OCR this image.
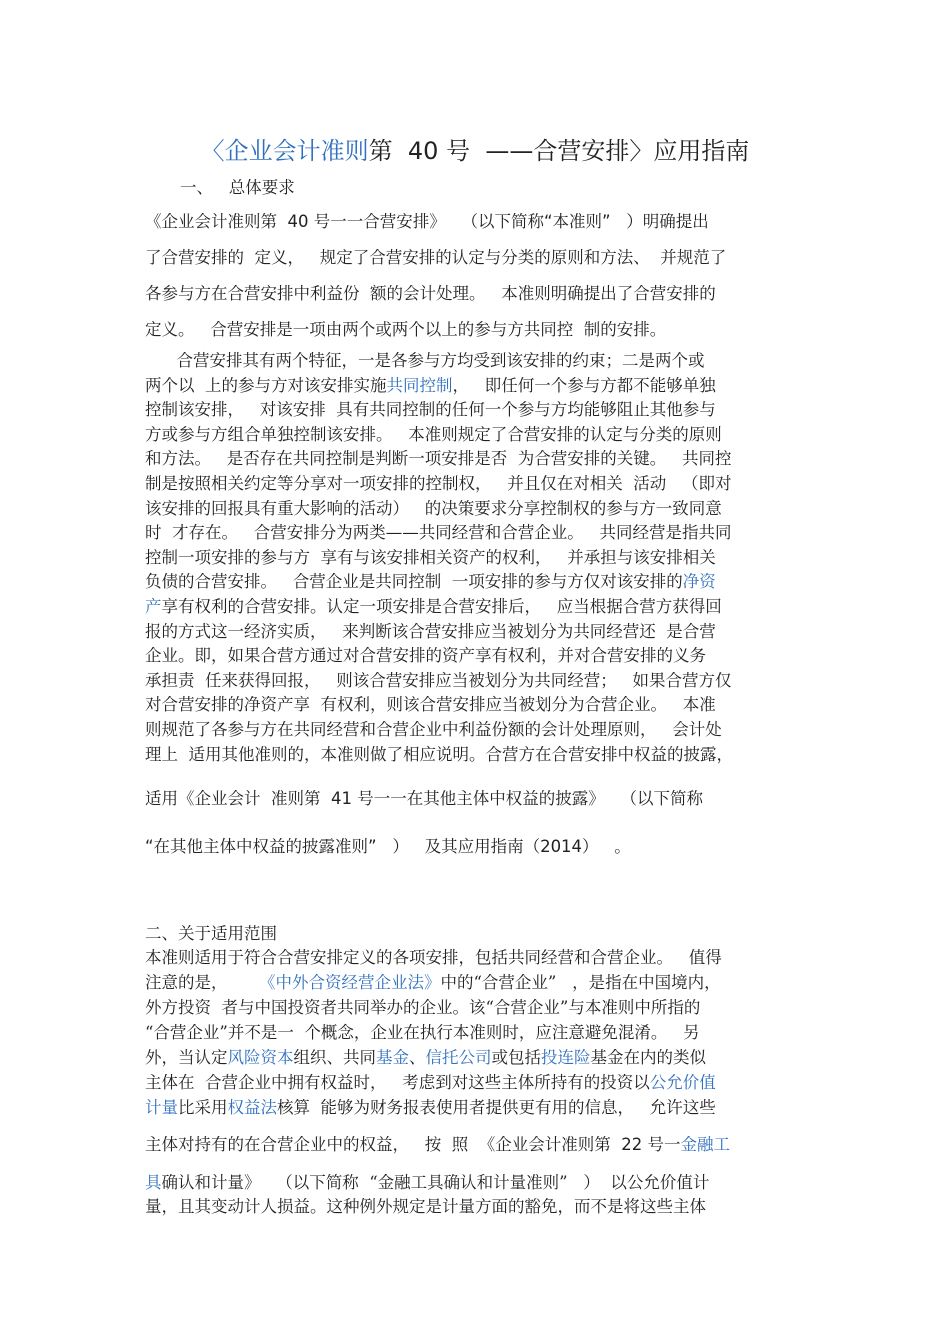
〈企业会计准则第  40 号  ——合营安排〉应用指南
一、   总体要求
《企业会计准则第  40 号一一合营安排》   （以下简称“本准则”   ）明确提出
了合营安排的  定义，   规定了合营安排的认定与分类的原则和方法、  并规范了
各参与方在合营安排中利益份  额的会计处理。   本准则明确提出了合营安排的
定义。   合营安排是一项由两个或两个以上的参与方共同控  制的安排。
合营安排其有两个特征，一是各参与方均受到该安排的约束；二是两个或
两个以  上的参与方对该安排实施共同控制，   即任何一个参与方都不能够单独
控制该安排，   对该安排  具有共同控制的任何一个参与方均能够阻止其他参与
方或参与方组合单独控制该安排。   本准则规定了合营安排的认定与分类的原则
和方法。   是否存在共同控制是判断一项安排是否  为合营安排的关键。   共同控
制是按照相关约定等分享对一项安排的控制权，   并且仅在对相关  活动   （即对
该安排的回报具有重大影响的活动）   的决策要求分享控制权的参与方一致同意
时  才存在。   合营安排分为两类——共同经营和合营企业。   共同经营是指共同
控制一项安排的参与方  享有与该安排相关资产的权利，   并承担与该安排相关
负债的合营安排。   合营企业是共同控制  一项安排的参与方仅对该安排的净资
产享有权利的合营安排。认定一项安排是合营安排后，   应当根据合营方获得回
报的方式这一经济实质，   来判断该合营安排应当被划分为共同经营还  是合营
企业。即，如果合营方通过对合营安排的资产享有权利，并对合营安排的义务
承担责  任来获得回报，   则该合营安排应当被划分为共同经营；   如果合营方仅
对合营安排的净资产享  有权利，则该合营安排应当被划分为合营企业。   本准
则规范了各参与方在共同经营和合营企业中利益份额的会计处理原则，   会计处
理上  适用其他准则的，本准则做了相应说明。合营方在合营安排中权益的披露，
适用《企业会计  准则第  41 号一一在其他主体中权益的披露》   （以下简称
“在其他主体中权益的披露准则”   ）   及其应用指南（2014）   。
二、关于适用范围
本准则适用于符合合营安排定义的各项安排，包括共同经营和合营企业。   值得
注意的是，      《中外合资经营企业法》中的“合营企业”   ，是指在中国境内，
外方投资  者与中国投资者共同举办的企业。该“合营企业”与本准则中所指的
“合营企业”并不是一  个概念，企业在执行本准则时，应注意避免混淆。   另
外，当认定风险资本组织、共同基金、信托公司或包括投连险基金在内的类似
主体在  合营企业中拥有权益时，   考虑到对这些主体所持有的投资以公允价值
计量比采用权益法核算  能够为财务报表使用者提供更有用的信息，   允许这些
主体对持有的在合营企业中的权益，   按  照  《企业会计准则第  22 号一金融工
具确认和计量》   （以下简称  “金融工具确认和计量准则”   ）  以公允价值计
量，且其变动计人损益。这种例外规定是计量方面的豁免，而不是将这些主体
